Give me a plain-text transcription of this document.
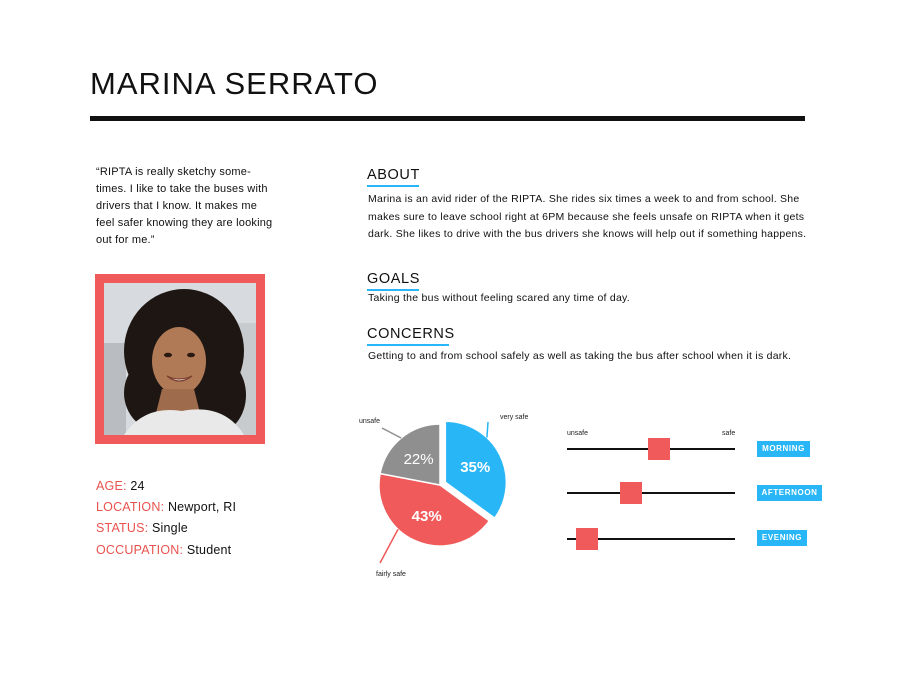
MARINA SERRATO
“RIPTA is really sketchy some-
times. I like to take the buses with
drivers that I know. It makes me
feel safer knowing they are looking
out for me.”
AGE: 24
LOCATION: Newport, RI
STATUS: Single
OCCUPATION: Student
ABOUT
Marina is an avid rider of the RIPTA. She rides six times a week to and from school. She
makes sure to leave school right at 6PM because she feels unsafe on RIPTA when it gets
dark. She likes to drive with the bus drivers she knows will help out if something happens.
GOALS
Taking the bus without feeling scared any time of day.
CONCERNS
Getting to and from school safely as well as taking the bus after school when it is dark.
35%
very safe
43%
fairly safe
22%
unsafe
unsafe	safe
MORNING
AFTERNOON
EVENING
